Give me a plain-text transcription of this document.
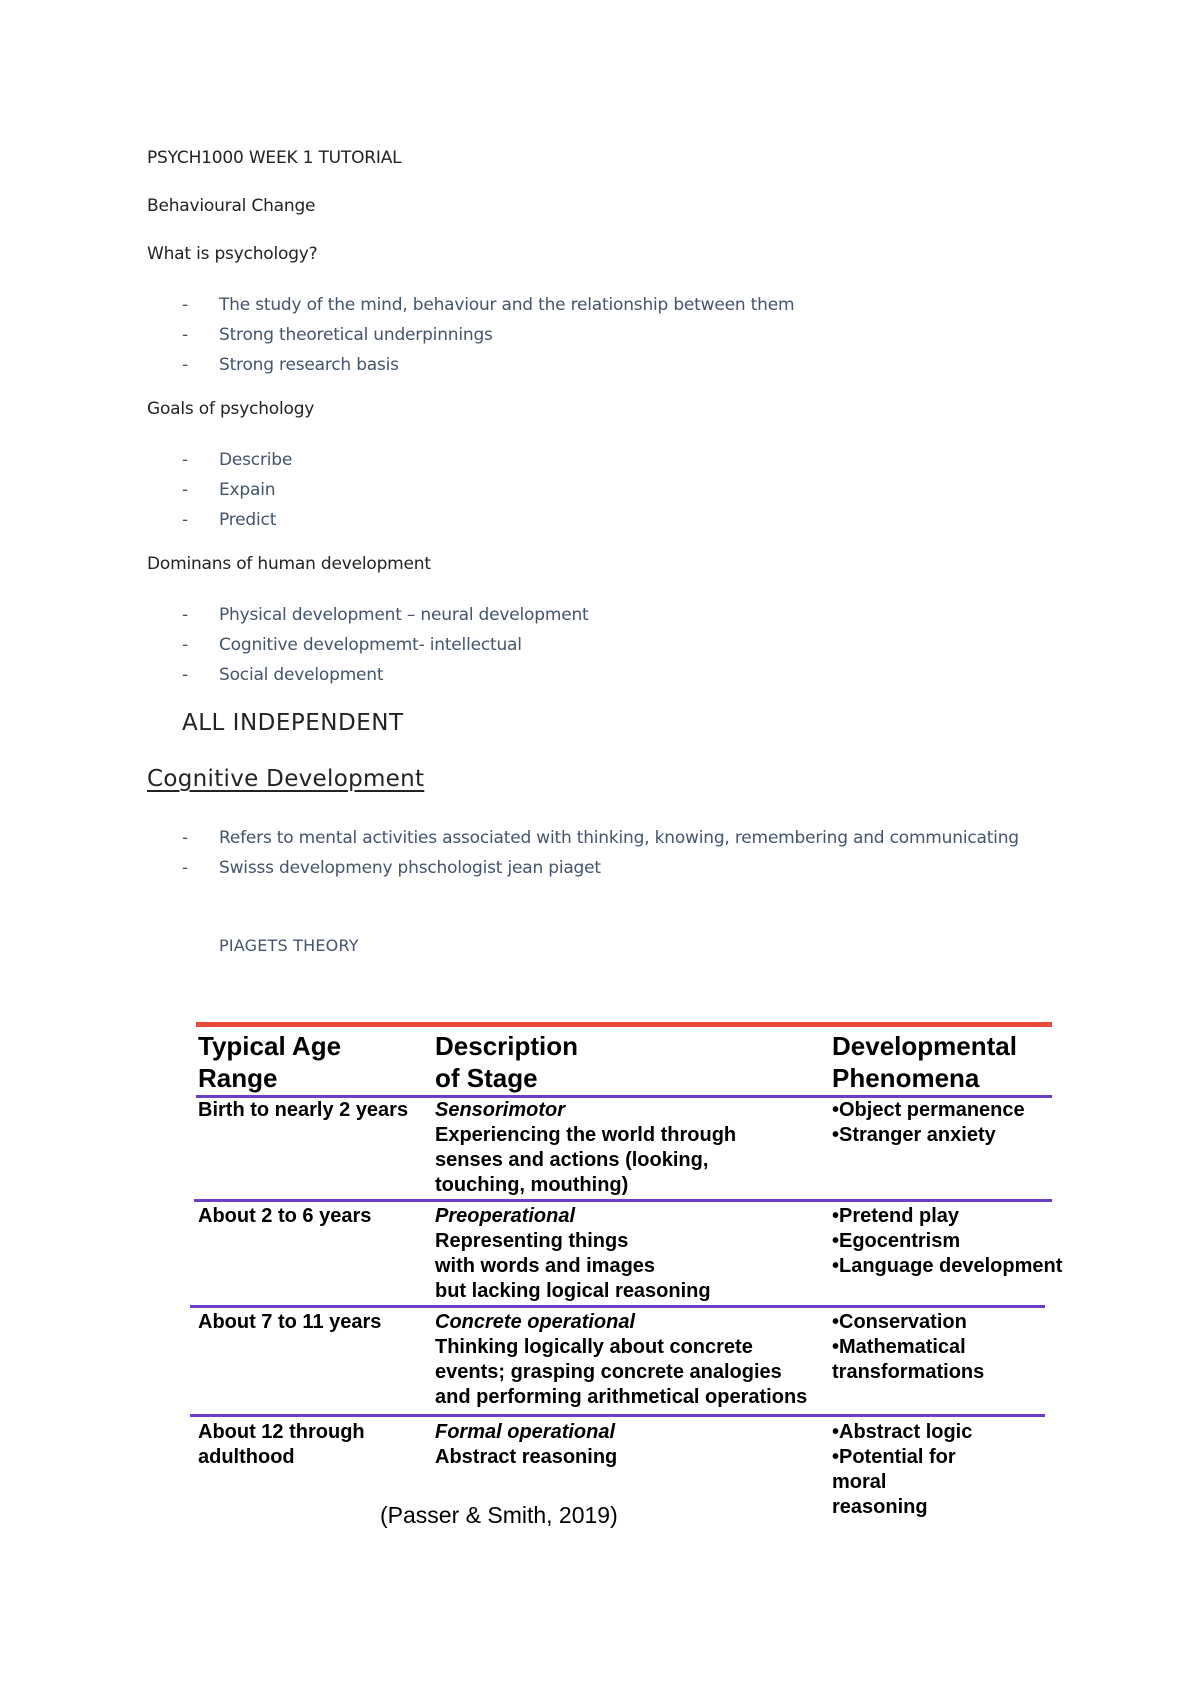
PSYCH1000 WEEK 1 TUTORIAL
Behavioural Change
What is psychology?
- The study of the mind, behaviour and the relationship between them
- Strong theoretical underpinnings
- Strong research basis
Goals of psychology
- Describe
- Expain
- Predict
Dominans of human development
- Physical development – neural development
- Cognitive developmemt- intellectual
- Social development
ALL INDEPENDENT
Cognitive Development
- Refers to mental activities associated with thinking, knowing, remembering and communicating
- Swisss developmeny phschologist jean piaget
PIAGETS THEORY
Typical Age
Range
Description
of Stage
Developmental
Phenomena
Birth to nearly 2 years Sensorimotor
Experiencing the world through
senses and actions (looking,
touching, mouthing)
•Object permanence
•Stranger anxiety
About 2 to 6 years	Preoperational
Representing things
with words and images
but lacking logical reasoning
•Pretend play
•Egocentrism
•Language development
About 7 to 11 years	Concrete operational
Thinking logically about concrete
events; grasping concrete analogies
and performing arithmetical operations
•Conservation
•Mathematical
transformations
About 12 through
adulthood
Formal operational
Abstract reasoning
•Abstract logic
•Potential for
moral
reasoning
(Passer & Smith, 2019)
